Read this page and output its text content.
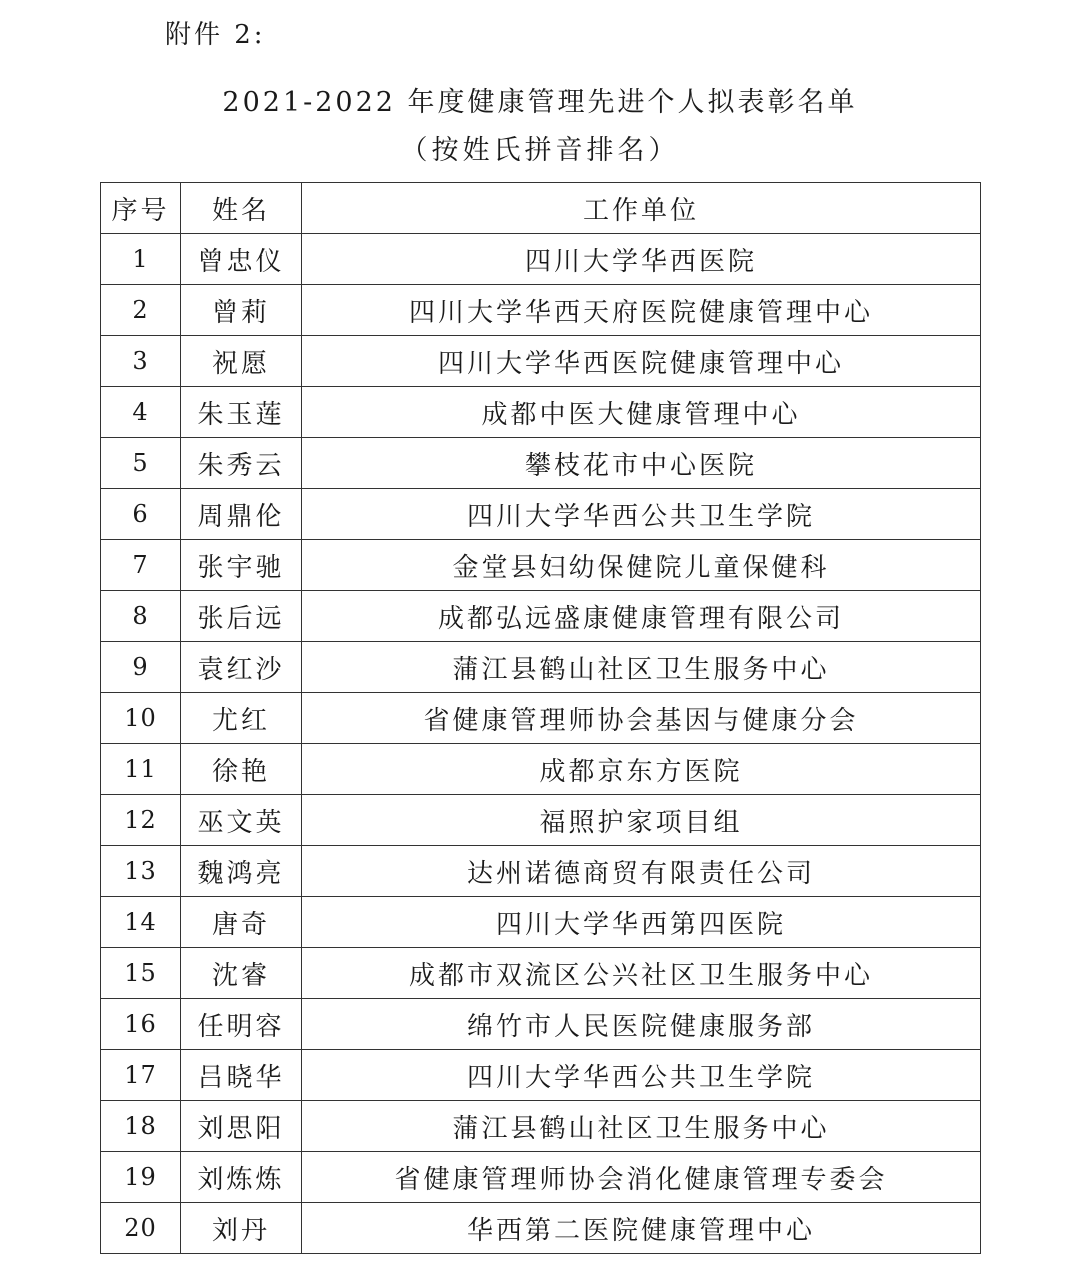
附件 2:
2021-2022 年度健康管理先进个人拟表彰名单
（按姓氏拼音排名）
序号	姓名	工作单位
1	曾忠仪	四川大学华西医院
2	曾莉	四川大学华西天府医院健康管理中心
3	祝愿	四川大学华西医院健康管理中心
4	朱玉莲	成都中医大健康管理中心
5	朱秀云	攀枝花市中心医院
6	周鼎伦	四川大学华西公共卫生学院
7	张宇驰	金堂县妇幼保健院儿童保健科
8	张后远	成都弘远盛康健康管理有限公司
9	袁红沙	蒲江县鹤山社区卫生服务中心
10	尤红	省健康管理师协会基因与健康分会
11	徐艳	成都京东方医院
12	巫文英	福照护家项目组
13	魏鸿亮	达州诺德商贸有限责任公司
14	唐奇	四川大学华西第四医院
15	沈睿	成都市双流区公兴社区卫生服务中心
16	任明容	绵竹市人民医院健康服务部
17	吕晓华	四川大学华西公共卫生学院
18	刘思阳	蒲江县鹤山社区卫生服务中心
19	刘炼炼	省健康管理师协会消化健康管理专委会
20	刘丹	华西第二医院健康管理中心
